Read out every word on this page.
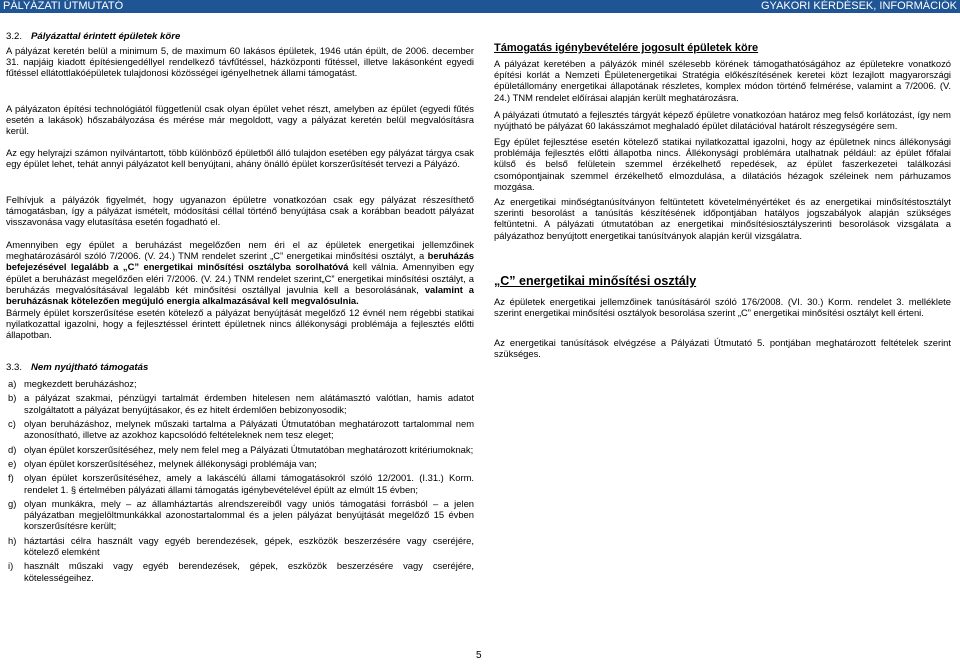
PÁLYÁZATI ÚTMUTATÓ	GYAKORI KÉRDÉSEK, INFORMÁCIÓK
3.2. Pályázattal érintett épületek köre

A pályázat keretén belül a minimum 5, de maximum 60 lakásos épületek, 1946 után épült, de 2006. december 31. napjáig kiadott építésiengedéllyel rendelkező távfűtéssel, házközponti fűtéssel, illetve lakásonként egyedi fűtéssel ellátottlakóépületek tulajdonosi közösségei igényelhetnek állami támogatást.

A pályázaton építési technológiától függetlenül csak olyan épület vehet részt, amelyben az épület (egyedi fűtés esetén a lakások) hőszabályozása és mérése már megoldott, vagy a pályázat keretén belül megvalósításra kerül.

Az egy helyrajzi számon nyilvántartott, több különböző épületből álló tulajdon esetében egy pályázat tárgya csak egy épület lehet, tehát annyi pályázatot kell benyújtani, ahány önálló épület korszerűsítését tervezi a Pályázó.

Felhívjuk a pályázók figyelmét, hogy ugyanazon épületre vonatkozóan csak egy pályázat részesíthető támogatásban, így a pályázat ismételt, módosítási céllal történő benyújtása csak a korábban beadott pályázat visszavonása vagy elutasítása esetén fogadható el.

Amennyiben egy épület a beruházást megelőzően nem éri el az épületek energetikai jellemzőinek meghatározásáról szóló 7/2006. (V. 24.) TNM rendelet szerint „C” energetikai minősítési osztályt, a beruházás befejezésével legalább a „C” energetikai minősítési osztályba sorolhatóvá kell válnia. Amennyiben egy épület a beruházást megelőzően eléri 7/2006. (V. 24.) TNM rendelet szerint„C” energetikai minősítési osztályt, a beruházás megvalósításával legalább két minősítési osztállyal javulnia kell a besorolásának, valamint a beruházásnak kötelezően megújuló energia alkalmazásával kell megvalósulnia.

Bármely épület korszerűsítése esetén kötelező a pályázat benyújtását megelőző 12 évnél nem régebbi statikai nyilatkozattal igazolni, hogy a fejlesztéssel érintett épületnek nincs állékonysági problémája a fejlesztés előtti állapotban.

3.3. Nem nyújtható támogatás
a) megkezdett beruházáshoz;
b) a pályázat szakmai, pénzügyi tartalmát érdemben hitelesen nem alátámasztó valótlan, hamis adatot szolgáltatott a pályázat benyújtásakor, és ez hitelt érdemlően bebizonyosodik;
c) olyan beruházáshoz, melynek műszaki tartalma a Pályázati Útmutatóban meghatározott tartalommal nem azonosítható, illetve az azokhoz kapcsolódó feltételeknek nem tesz eleget;
d) olyan épület korszerűsítéséhez, mely nem felel meg a Pályázati Útmutatóban meghatározott kritériumoknak;
e) olyan épület korszerűsítéséhez, melynek állékonysági problémája van;
f) olyan épület korszerűsítéséhez, amely a lakáscélú állami támogatásokról szóló 12/2001. (I.31.) Korm. rendelet 1. § értelmében pályázati állami támogatás igénybevételével épült az elmúlt 15 évben;
g) olyan munkákra, mely – az államháztartás alrendszereiből vagy uniós támogatási forrásból – a jelen pályázatban megjelöltmunkákkal azonostartalommal és a jelen pályázat benyújtását megelőző 15 évben korszerűsítésre került;
h) háztartási célra használt vagy egyéb berendezések, gépek, eszközök beszerzésére vagy cseréjére, kötelező elemként
i) használt műszaki vagy egyéb berendezések, gépek, eszközök beszerzésére vagy cseréjére, kötelességeihez.
Támogatás igénybevételére jogosult épületek köre

A pályázat keretében a pályázók minél szélesebb körének támogathatóságához az épületekre vonatkozó építési korlát a Nemzeti Épületenergetikai Stratégia előkészítésének keretei közt lezajlott magyarországi épületállomány energetikai állapotának részletes, komplex módon történő felmérése, valamint a 7/2006. (V. 24.) TNM rendelet előírásai alapján került meghatározásra.

A pályázati útmutató a fejlesztés tárgyát képező épületre vonatkozóan határoz meg felső korlátozást, így nem nyújtható be pályázat 60 lakásszámot meghaladó épület dilatációval határolt részegységére sem.

Egy épület fejlesztése esetén kötelező statikai nyilatkozattal igazolni, hogy az épületnek nincs állékonysági problémája fejlesztés előtti állapotba nincs. Állékonysági problémára utalhatnak például: az épület főfalai külső és belső felületein szemmel érzékelhető repedések, az épület faszerkezetei találkozási csomópontjainak szemmel érzékelhető elmozdulása, a dilatációs hézagok széleinek nem párhuzamos mozgása.

Az energetikai minőségtanúsítványon feltüntetett követelményértéket és az energetikai minősítéstosztályt szerinti besorolást a tanúsítás készítésének időpontjában hatályos jogszabályok alapján szükséges feltüntetni. A pályázati útmutatóban az energetikai minősítésiosztályszerinti besorolások vizsgálata a pályázathoz benyújtott energetikai tanúsítványok alapján kerül vizsgálatra.

„C” energetikai minősítési osztály

Az épületek energetikai jellemzőinek tanúsításáról szóló 176/2008. (VI. 30.) Korm. rendelet 3. melléklete szerint energetikai minősítési osztályok besorolása szerint „C” energetikai minősítési osztályt kell érteni.

Az energetikai tanúsítások elvégzése a Pályázati Útmutató 5. pontjában meghatározott feltételek szerint szükséges.

5
